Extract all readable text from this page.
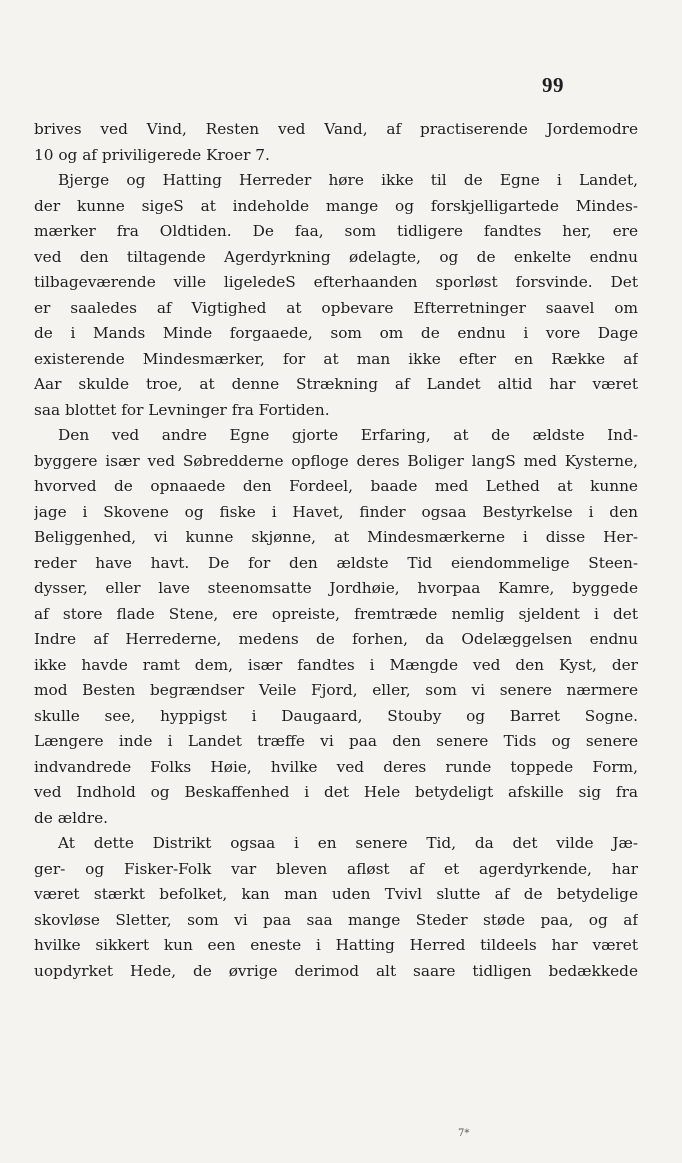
99
brives ved Vind, Resten ved Vand, af practiserende Jordemodre
10 og af priviligerede Kroer 7.
Bjerge og Hatting Herreder høre ikke til de Egne i Landet,
der kunne sigeS at indeholde mange og forskjelligartede Mindes-
mærker fra Oldtiden. De faa, som tidligere fandtes her, ere
ved den tiltagende Agerdyrkning ødelagte, og de enkelte endnu
tilbageværende ville ligeledeS efterhaanden sporløst forsvinde. Det
er saaledes af Vigtighed at opbevare Efterretninger saavel om
de i Mands Minde forgaaede, som om de endnu i vore Dage
existerende Mindesmærker, for at man ikke efter en Række af
Aar skulde troe, at denne Strækning af Landet altid har været
saa blottet for Levninger fra Fortiden.
Den ved andre Egne gjorte Erfaring, at de ældste Ind-
byggere især ved Søbredderne opfloge deres Boliger langS med Kysterne,
hvorved de opnaaede den Fordeel, baade med Lethed at kunne
jage i Skovene og fiske i Havet, finder ogsaa Bestyrkelse i den
Beliggenhed, vi kunne skjønne, at Mindesmærkerne i disse Her-
reder have havt. De for den ældste Tid eiendommelige Steen-
dysser, eller lave steenomsatte Jordhøie, hvorpaa Kamre, byggede
af store flade Stene, ere opreiste, fremtræde nemlig sjeldent i det
Indre af Herrederne, medens de forhen, da Odelæggelsen endnu
ikke havde ramt dem, især fandtes i Mængde ved den Kyst, der
mod Besten begrændser Veile Fjord, eller, som vi senere nærmere
skulle see, hyppigst i Daugaard, Stouby og Barret Sogne.
Længere inde i Landet træffe vi paa den senere Tids og senere
indvandrede Folks Høie, hvilke ved deres runde toppede Form,
ved Indhold og Beskaffenhed i det Hele betydeligt afskille sig fra
de ældre.
At dette Distrikt ogsaa i en senere Tid, da det vilde Jæ-
ger- og Fisker-Folk var bleven afløst af et agerdyrkende, har
været stærkt befolket, kan man uden Tvivl slutte af de betydelige
skovløse Sletter, som vi paa saa mange Steder støde paa, og af
hvilke sikkert kun een eneste i Hatting Herred tildeels har været
uopdyrket Hede, de øvrige derimod alt saare tidligen bedækkede
7*
